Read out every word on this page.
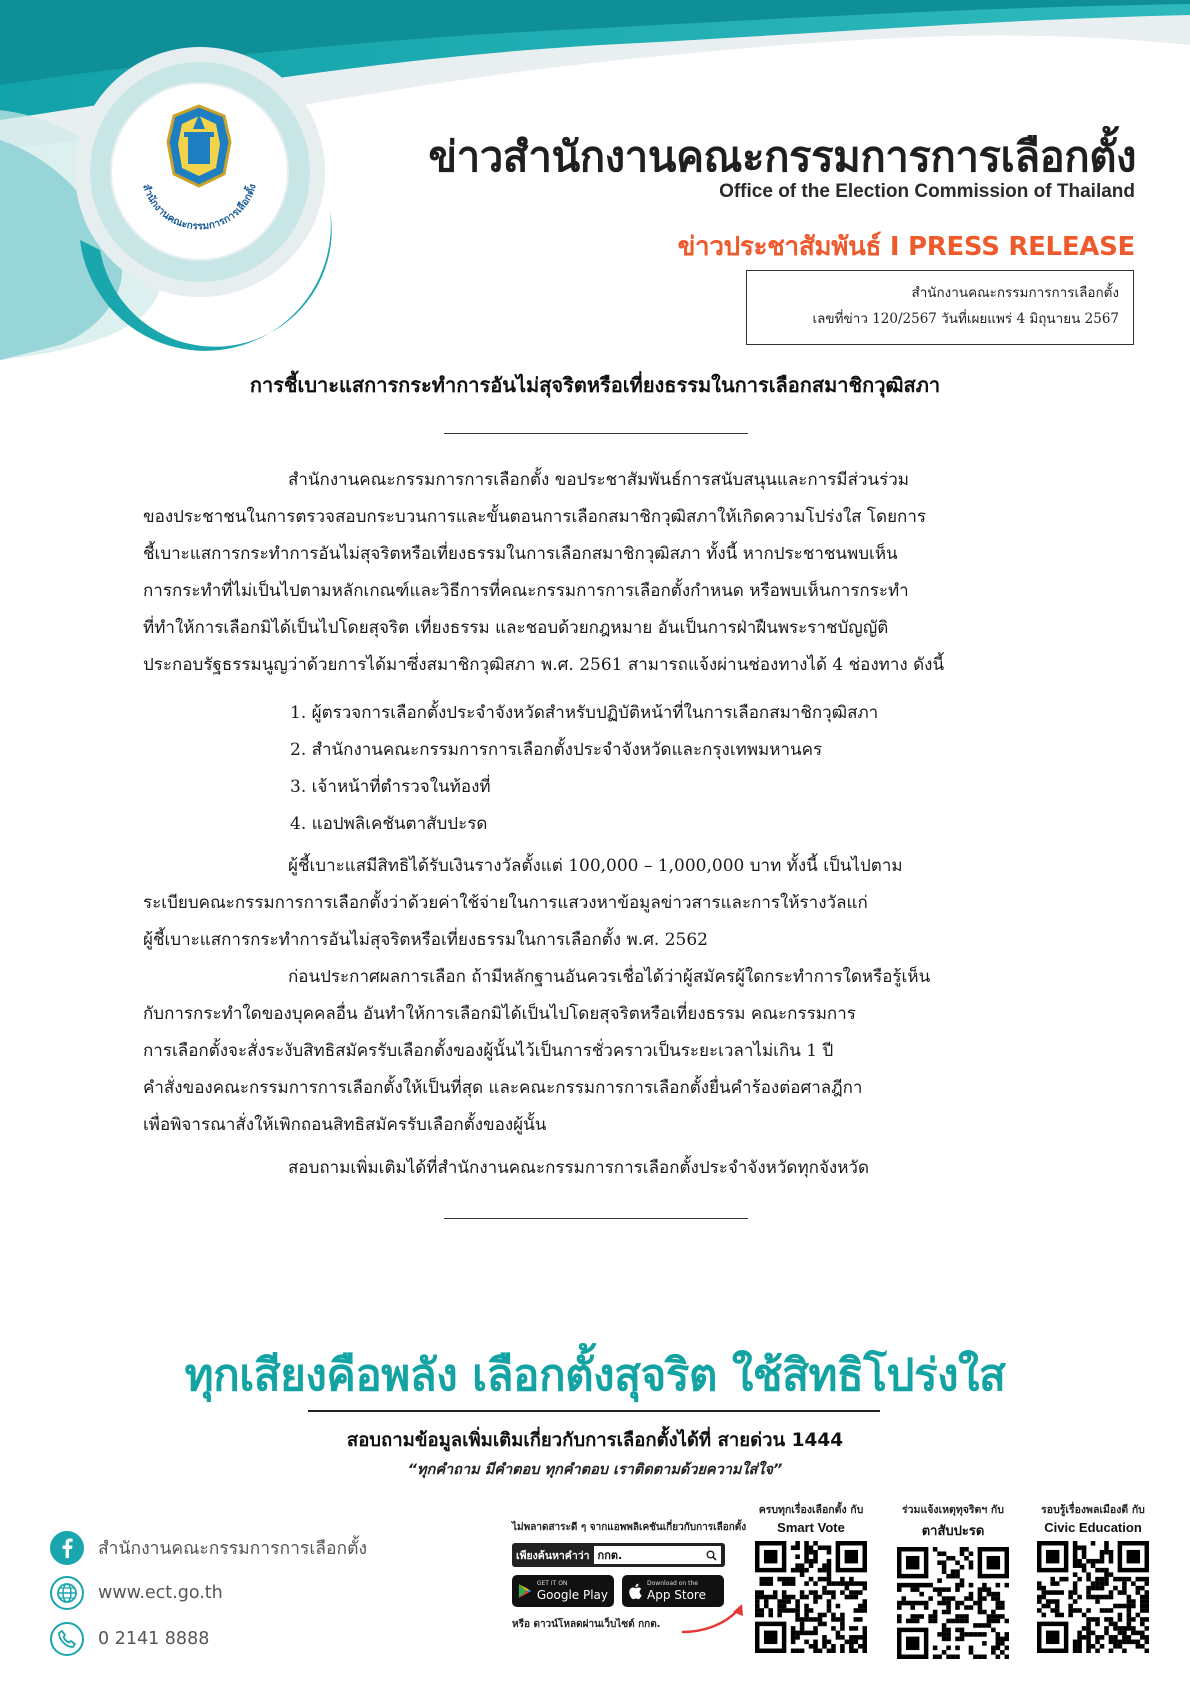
สำนักงานคณะกรรมการการเลือกตั้ง
ข่าวสำนักงานคณะกรรมการการเลือกตั้ง
Office of the Election Commission of Thailand
ข่าวประชาสัมพันธ์ I PRESS RELEASE
สำนักงานคณะกรรมการการเลือกตั้ง
เลขที่ข่าว 120/2567 วันที่เผยแพร่ 4 มิถุนายน 2567
การชี้เบาะแสการกระทำการอันไม่สุจริตหรือเที่ยงธรรมในการเลือกสมาชิกวุฒิสภา
สำนักงานคณะกรรมการการเลือกตั้ง ขอประชาสัมพันธ์การสนับสนุนและการมีส่วนร่วม
ของประชาชนในการตรวจสอบกระบวนการและขั้นตอนการเลือกสมาชิกวุฒิสภาให้เกิดความโปร่งใส โดยการ
ชี้เบาะแสการกระทำการอันไม่สุจริตหรือเที่ยงธรรมในการเลือกสมาชิกวุฒิสภา ทั้งนี้ หากประชาชนพบเห็น
การกระทำที่ไม่เป็นไปตามหลักเกณฑ์และวิธีการที่คณะกรรมการการเลือกตั้งกำหนด หรือพบเห็นการกระทำ
ที่ทำให้การเลือกมิได้เป็นไปโดยสุจริต เที่ยงธรรม และชอบด้วยกฎหมาย อันเป็นการฝ่าฝืนพระราชบัญญัติ
ประกอบรัฐธรรมนูญว่าด้วยการได้มาซึ่งสมาชิกวุฒิสภา พ.ศ. 2561 สามารถแจ้งผ่านช่องทางได้ 4 ช่องทาง ดังนี้
1. ผู้ตรวจการเลือกตั้งประจำจังหวัดสำหรับปฏิบัติหน้าที่ในการเลือกสมาชิกวุฒิสภา
2. สำนักงานคณะกรรมการการเลือกตั้งประจำจังหวัดและกรุงเทพมหานคร
3. เจ้าหน้าที่ตำรวจในท้องที่
4. แอปพลิเคชันตาสับปะรด
ผู้ชี้เบาะแสมีสิทธิได้รับเงินรางวัลตั้งแต่ 100,000 – 1,000,000 บาท ทั้งนี้ เป็นไปตาม
ระเบียบคณะกรรมการการเลือกตั้งว่าด้วยค่าใช้จ่ายในการแสวงหาข้อมูลข่าวสารและการให้รางวัลแก่
ผู้ชี้เบาะแสการกระทำการอันไม่สุจริตหรือเที่ยงธรรมในการเลือกตั้ง พ.ศ. 2562
ก่อนประกาศผลการเลือก ถ้ามีหลักฐานอันควรเชื่อได้ว่าผู้สมัครผู้ใดกระทำการใดหรือรู้เห็น
กับการกระทำใดของบุคคลอื่น อันทำให้การเลือกมิได้เป็นไปโดยสุจริตหรือเที่ยงธรรม คณะกรรมการ
การเลือกตั้งจะสั่งระงับสิทธิสมัครรับเลือกตั้งของผู้นั้นไว้เป็นการชั่วคราวเป็นระยะเวลาไม่เกิน 1 ปี
คำสั่งของคณะกรรมการการเลือกตั้งให้เป็นที่สุด และคณะกรรมการการเลือกตั้งยื่นคำร้องต่อศาลฎีกา
เพื่อพิจารณาสั่งให้เพิกถอนสิทธิสมัครรับเลือกตั้งของผู้นั้น
สอบถามเพิ่มเติมได้ที่สำนักงานคณะกรรมการการเลือกตั้งประจำจังหวัดทุกจังหวัด
ทุกเสียงคือพลัง เลือกตั้งสุจริต ใช้สิทธิโปร่งใส
สอบถามข้อมูลเพิ่มเติมเกี่ยวกับการเลือกตั้งได้ที่ สายด่วน 1444
“ทุกคำถาม มีคำตอบ ทุกคำตอบ เราติดตามด้วยความใส่ใจ”
สำนักงานคณะกรรมการการเลือกตั้ง
www.ect.go.th
0 2141 8888
ไม่พลาดสาระดี ๆ จากแอพพลิเคชันเกี่ยวกับการเลือกตั้ง
เพียงค้นหาคำว่า กกต.
GET IT ON
Google Play
Download on the
App Store
หรือ ดาวน์โหลดผ่านเว็บไซต์ กกต.
ครบทุกเรื่องเลือกตั้ง กับ
Smart Vote
ร่วมแจ้งเหตุทุจริตฯ กับ
ตาสับปะรด
รอบรู้เรื่องพลเมืองดี กับ
Civic Education
